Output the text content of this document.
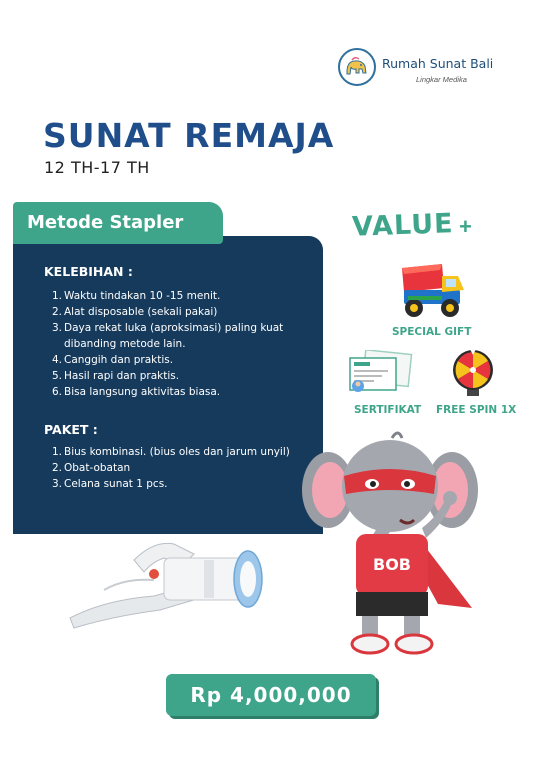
Rumah Sunat Bali
Lingkar Medika
SUNAT REMAJA
12 TH-17 TH
Metode Stapler
KELEBIHAN :
1. Waktu tindakan 10 -15 menit.
2. Alat disposable (sekali pakai)
3. Daya rekat luka (aproksimasi) paling kuat
dibanding metode lain.
4. Canggih dan praktis.
5. Hasil rapi dan praktis.
6. Bisa langsung aktivitas biasa.
PAKET :
1. Bius kombinasi. (bius oles dan jarum unyil)
2. Obat-obatan
3. Celana sunat 1 pcs.
VALUE +
SPECIAL GIFT
SERTIFIKAT FREE SPIN 1X
BOB
Rp 4,000,000
